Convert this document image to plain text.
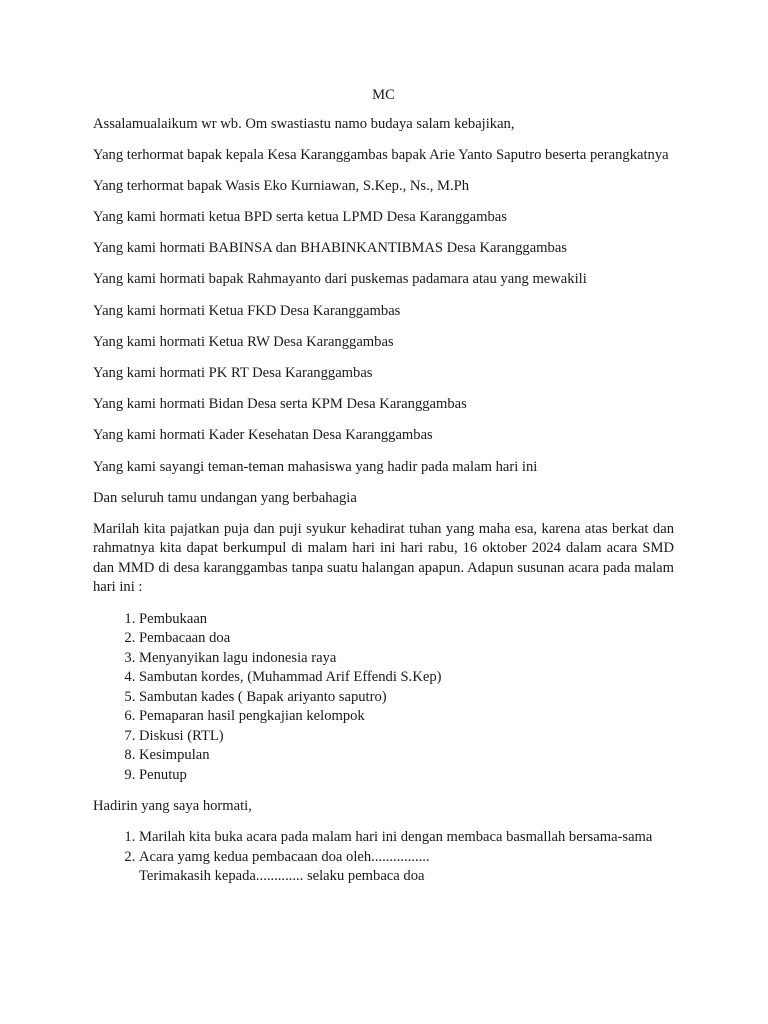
MC

Assalamualaikum wr wb. Om swastiastu namo budaya salam kebajikan,

Yang terhormat bapak kepala Kesa Karanggambas bapak Arie Yanto Saputro beserta perangkatnya

Yang terhormat bapak Wasis Eko Kurniawan, S.Kep., Ns., M.Ph

Yang kami hormati ketua BPD serta ketua LPMD Desa Karanggambas

Yang kami hormati BABINSA dan BHABINKANTIBMAS Desa Karanggambas

Yang kami hormati bapak Rahmayanto dari puskemas padamara atau yang mewakili

Yang kami hormati Ketua FKD Desa Karanggambas

Yang kami hormati Ketua RW Desa Karanggambas

Yang kami hormati PK RT Desa Karanggambas

Yang kami hormati Bidan Desa serta KPM Desa Karanggambas

Yang kami hormati Kader Kesehatan Desa Karanggambas

Yang kami sayangi teman-teman mahasiswa yang hadir pada malam hari ini

Dan seluruh tamu undangan yang berbahagia

Marilah kita pajatkan puja dan puji syukur kehadirat tuhan yang maha esa, karena atas berkat dan rahmatnya kita dapat berkumpul di malam hari ini hari rabu, 16 oktober 2024 dalam acara SMD dan MMD di desa karanggambas tanpa suatu halangan apapun. Adapun susunan acara pada malam hari ini :

1. Pembukaan
2. Pembacaan doa
3. Menyanyikan lagu indonesia raya
4. Sambutan kordes, (Muhammad Arif Effendi S.Kep)
5. Sambutan kades ( Bapak ariyanto saputro)
6. Pemaparan hasil pengkajian kelompok
7. Diskusi (RTL)
8. Kesimpulan
9. Penutup

Hadirin yang saya hormati,

1. Marilah kita buka acara pada malam hari ini dengan membaca basmallah bersama-sama
2. Acara yamg kedua pembacaan doa oleh................
Terimakasih kepada............. selaku pembaca doa
